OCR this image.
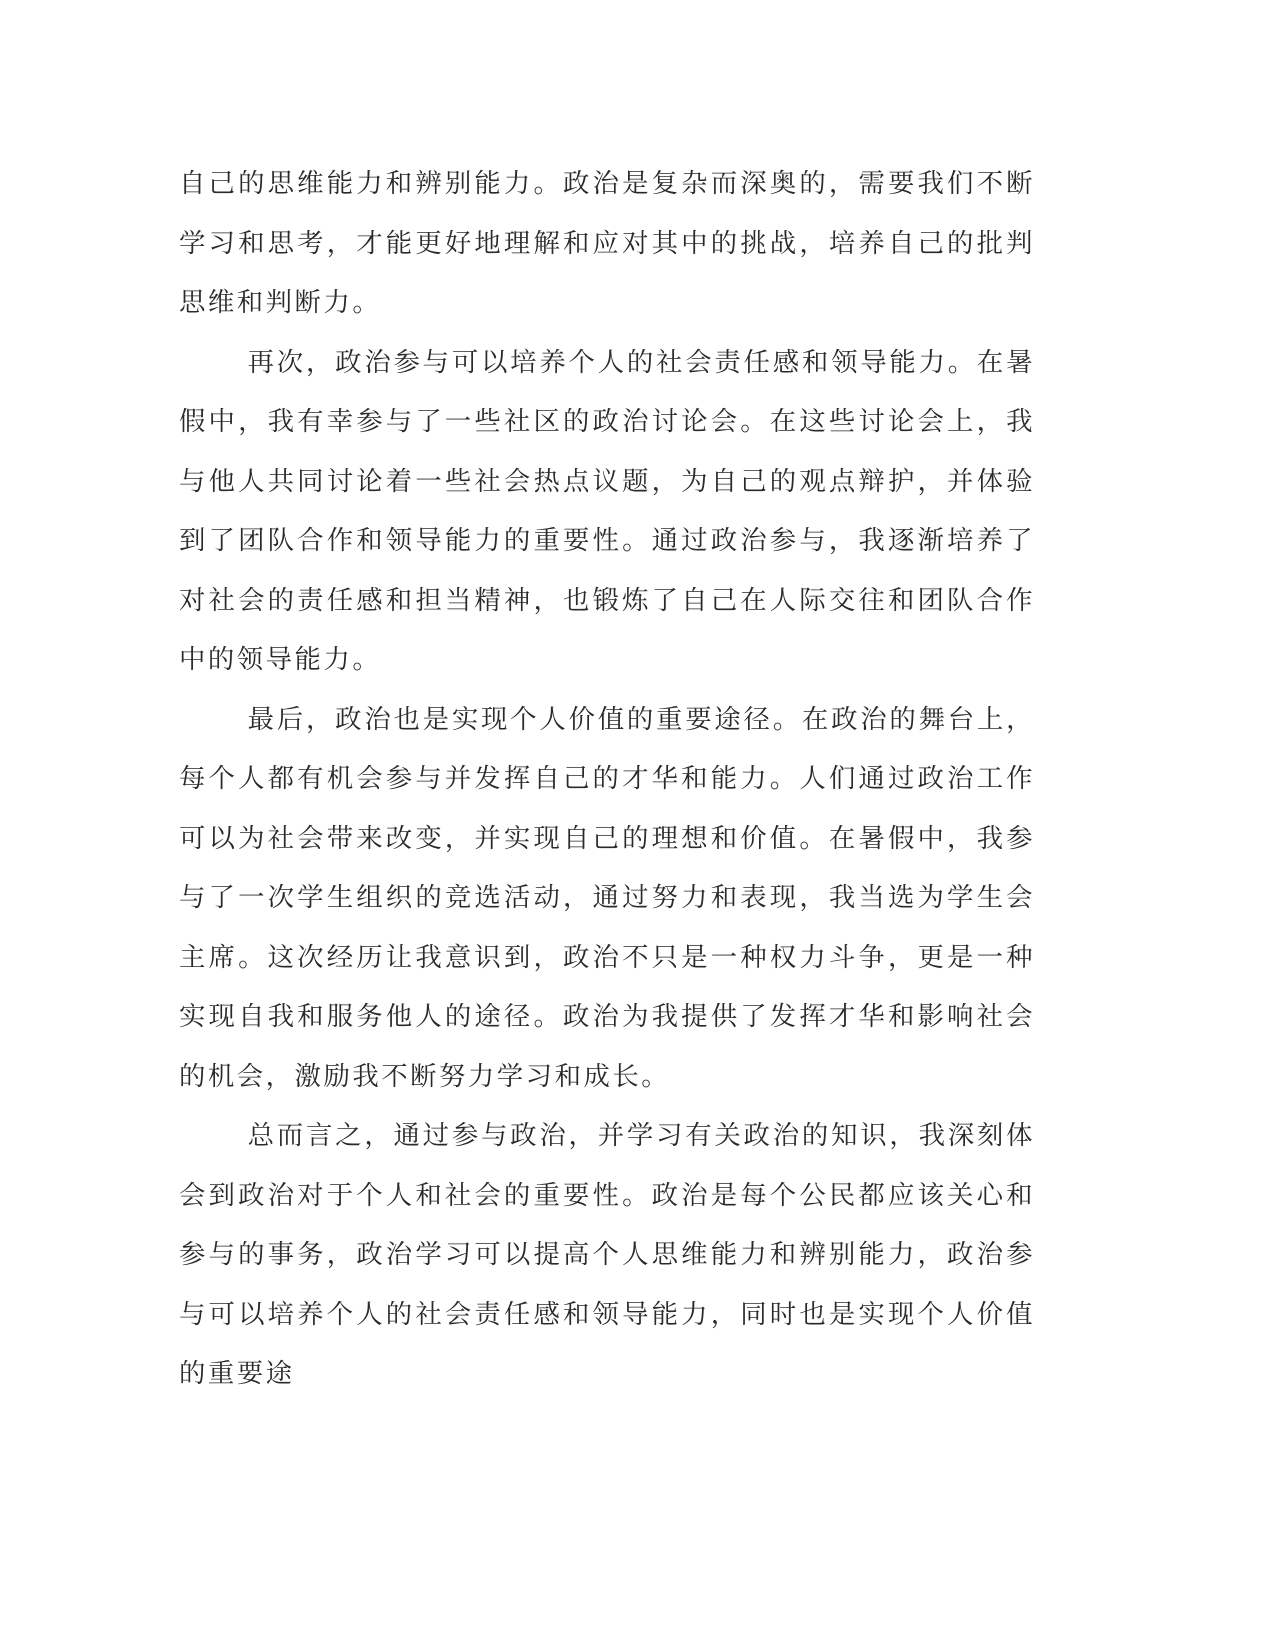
自己的思维能力和辨别能力。政治是复杂而深奥的，需要我们不断学习和思考，才能更好地理解和应对其中的挑战，培养自己的批判思维和判断力。

再次，政治参与可以培养个人的社会责任感和领导能力。在暑假中，我有幸参与了一些社区的政治讨论会。在这些讨论会上，我与他人共同讨论着一些社会热点议题，为自己的观点辩护，并体验到了团队合作和领导能力的重要性。通过政治参与，我逐渐培养了对社会的责任感和担当精神，也锻炼了自己在人际交往和团队合作中的领导能力。

最后，政治也是实现个人价值的重要途径。在政治的舞台上，每个人都有机会参与并发挥自己的才华和能力。人们通过政治工作可以为社会带来改变，并实现自己的理想和价值。在暑假中，我参与了一次学生组织的竞选活动，通过努力和表现，我当选为学生会主席。这次经历让我意识到，政治不只是一种权力斗争，更是一种实现自我和服务他人的途径。政治为我提供了发挥才华和影响社会的机会，激励我不断努力学习和成长。

总而言之，通过参与政治，并学习有关政治的知识，我深刻体会到政治对于个人和社会的重要性。政治是每个公民都应该关心和参与的事务，政治学习可以提高个人思维能力和辨别能力，政治参与可以培养个人的社会责任感和领导能力，同时也是实现个人价值的重要途
